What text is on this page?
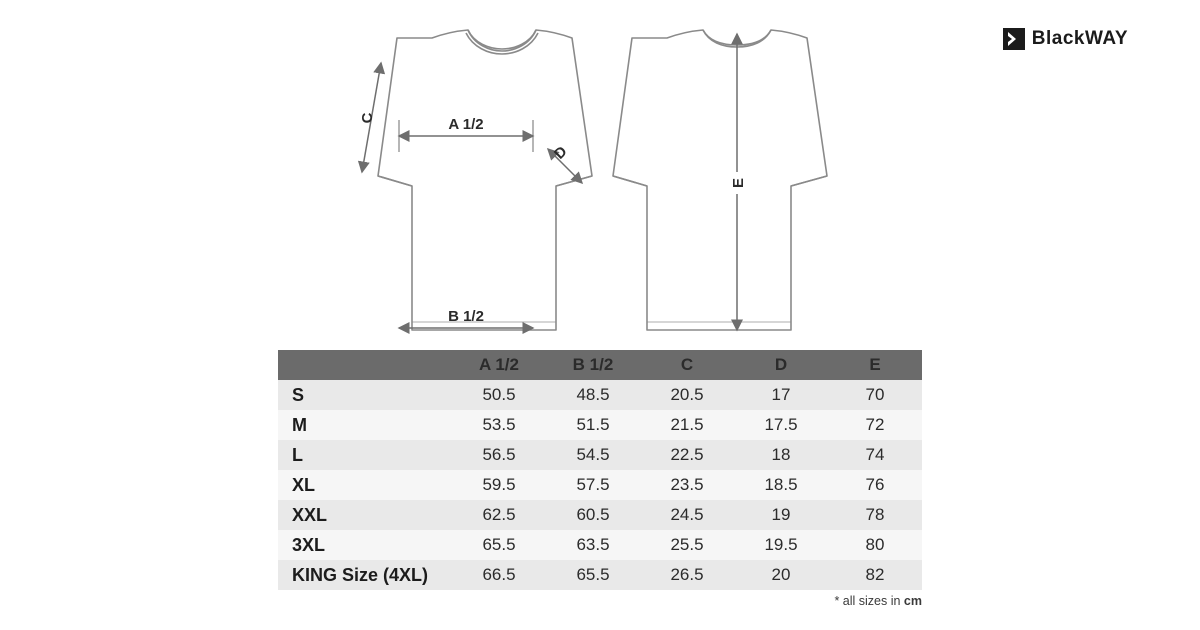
BlackWAY
A 1/2
B 1/2
C
D
E
	A 1/2	B 1/2	C	D	E
S	50.5	48.5	20.5	17	70
M	53.5	51.5	21.5	17.5	72
L	56.5	54.5	22.5	18	74
XL	59.5	57.5	23.5	18.5	76
XXL	62.5	60.5	24.5	19	78
3XL	65.5	63.5	25.5	19.5	80
KING Size (4XL)	66.5	65.5	26.5	20	82
* all sizes in cm
